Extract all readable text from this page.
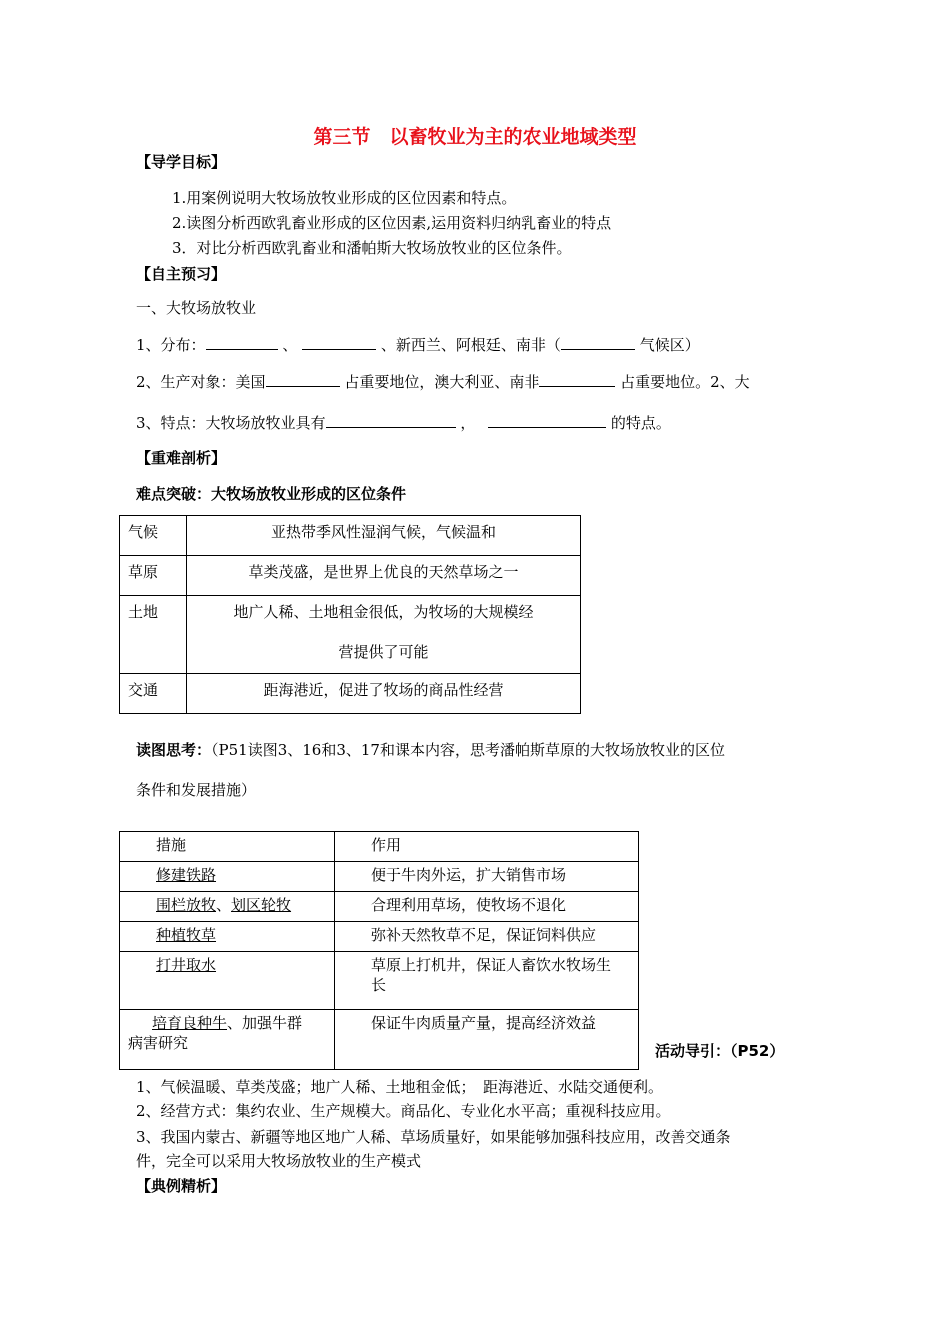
第三节　以畜牧业为主的农业地域类型
【导学目标】
1.用案例说明大牧场放牧业形成的区位因素和特点。
2.读图分析西欧乳畜业形成的区位因素,运用资料归纳乳畜业的特点
3．对比分析西欧乳畜业和潘帕斯大牧场放牧业的区位条件。
【自主预习】
一、大牧场放牧业
1、分布：	、	、新西兰、阿根廷、南非（	气候区）
2、生产对象：美国	占重要地位，澳大利亚、南非	占重要地位。2、大
3、特点：大牧场放牧业具有	，	的特点。
【重难剖析】
难点突破：大牧场放牧业形成的区位条件
气候	亚热带季风性湿润气候，气候温和
草原	草类茂盛，是世界上优良的天然草场之一
土地	地广人稀、土地租金很低，为牧场的大规模经
营提供了可能

交通	距海港近，促进了牧场的商品性经营
读图思考：（P51读图3、16和3、17和课本内容，思考潘帕斯草原的大牧场放牧业的区位
条件和发展措施）
措施	作用
修建铁路	便于牛肉外运，扩大销售市场
围栏放牧、划区轮牧	合理利用草场，使牧场不退化
种植牧草	弥补天然牧草不足，保证饲料供应
打井取水	草原上打机井，保证人畜饮水牧场生
长

培育良种牛、加强牛群
病害研究	保证牛肉质量产量，提高经济效益
活动导引：（P52）
1、气候温暖、草类茂盛；地广人稀、土地租金低；　距海港近、水陆交通便利。
2、经营方式：集约农业、生产规模大。商品化、专业化水平高；重视科技应用。
3、我国内蒙古、新疆等地区地广人稀、草场质量好，如果能够加强科技应用，改善交通条
件，完全可以采用大牧场放牧业的生产模式
【典例精析】
